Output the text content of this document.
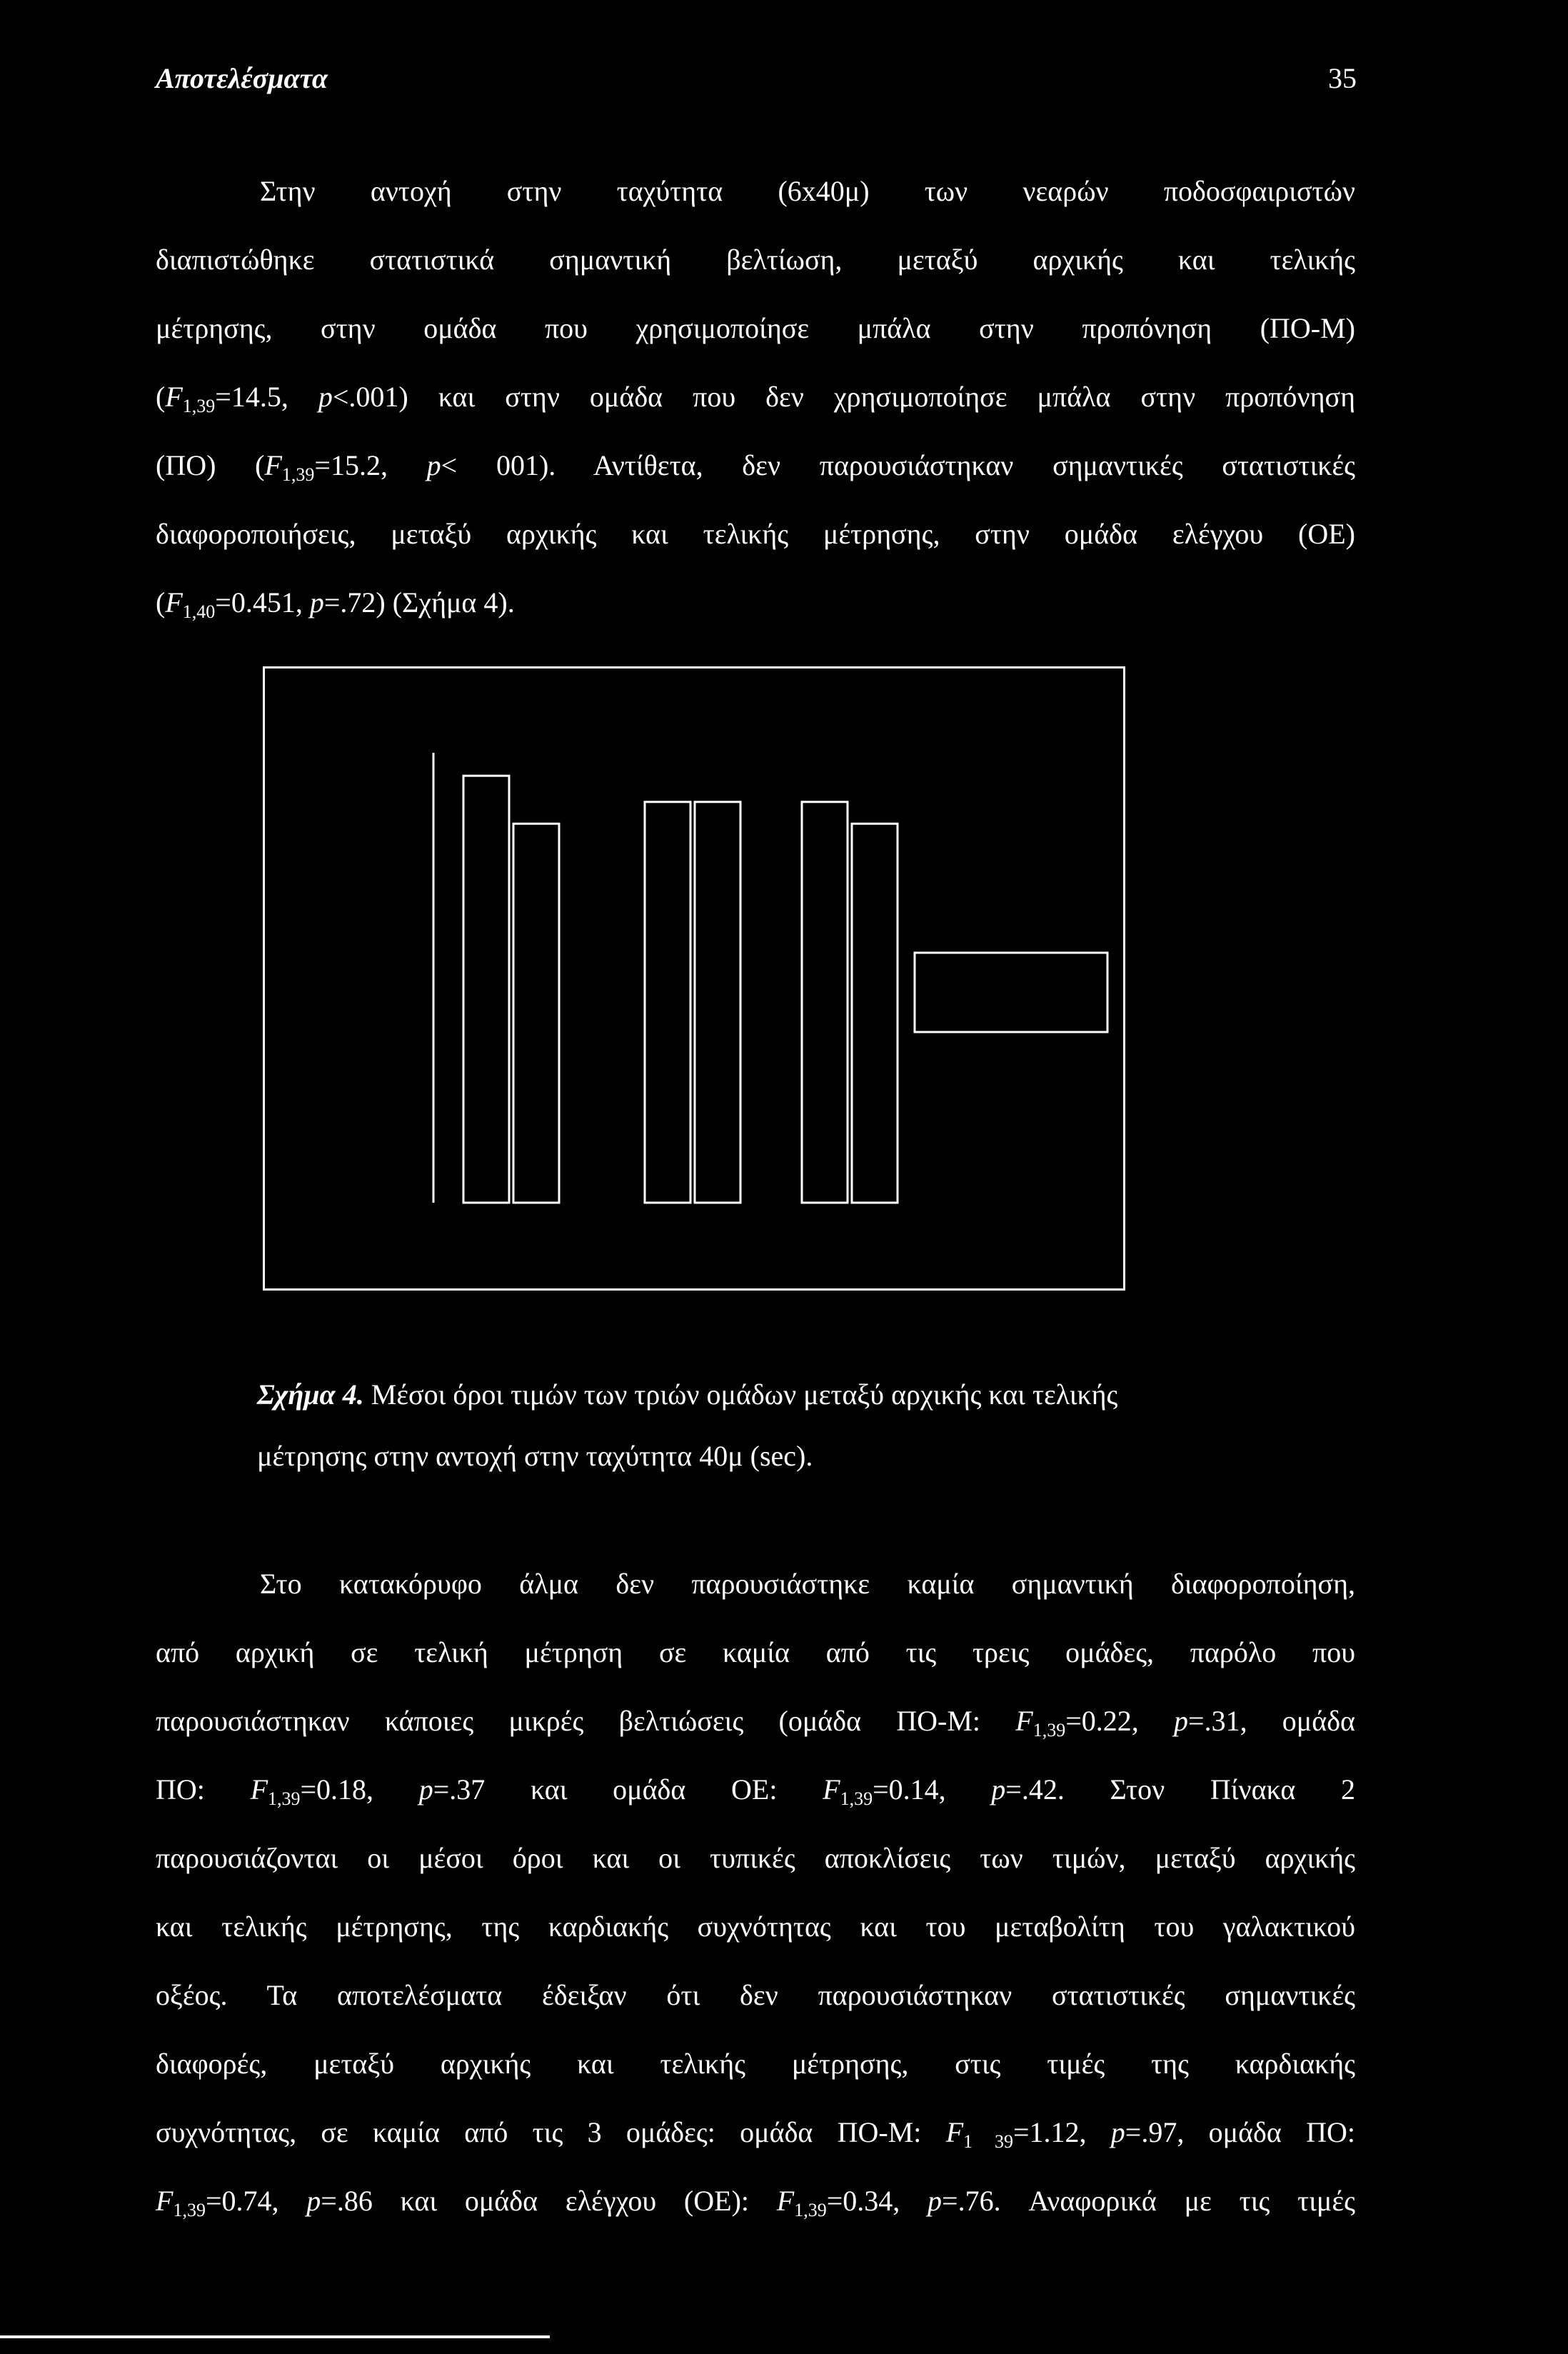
Αποτελέσματα	35
Στην αντοχή στην ταχύτητα (6x40μ) των νεαρών ποδοσφαιριστών
διαπιστώθηκε στατιστικά σημαντική βελτίωση, μεταξύ αρχικής και τελικής
μέτρησης, στην ομάδα που χρησιμοποίησε μπάλα στην προπόνηση (ΠΟ-Μ)
($F_{1,39}=14.5$, p<.001) και στην ομάδα που δεν χρησιμοποίησε μπάλα στην προπόνηση
(ΠΟ) ($F_{1,39}=15.2$, p< 001). Αντίθετα, δεν παρουσιάστηκαν σημαντικές στατιστικές
διαφοροποιήσεις, μεταξύ αρχικής και τελικής μέτρησης, στην ομάδα ελέγχου (ΟΕ)
($F_{1,40}=0.451$, p=.72) (Σχήμα 4).
Σχήμα 4. Μέσοι όροι τιμών των τριών ομάδων μεταξύ αρχικής και τελικής
μέτρησης στην αντοχή στην ταχύτητα 40μ (sec).
Στο κατακόρυφο άλμα δεν παρουσιάστηκε καμία σημαντική διαφοροποίηση,
από αρχική σε τελική μέτρηση σε καμία από τις τρεις ομάδες, παρόλο που
παρουσιάστηκαν κάποιες μικρές βελτιώσεις (ομάδα ΠΟ-Μ: $F_{1,39}=0.22$, p=.31, ομάδα
ΠΟ: $F_{1,39}=0.18$, p=.37 και ομάδα ΟΕ: $F_{1,39}=0.14$, p=.42. Στον Πίνακα 2
παρουσιάζονται οι μέσοι όροι και οι τυπικές αποκλίσεις των τιμών, μεταξύ αρχικής
και τελικής μέτρησης, της καρδιακής συχνότητας και του μεταβολίτη του γαλακτικού
οξέος. Τα αποτελέσματα έδειξαν ότι δεν παρουσιάστηκαν στατιστικές σημαντικές
διαφορές, μεταξύ αρχικής και τελικής μέτρησης, στις τιμές της καρδιακής
συχνότητας, σε καμία από τις 3 ομάδες: ομάδα ΠΟ-Μ: $F_{1 39}=1.12$, p=.97, ομάδα ΠΟ:
$F_{1,39}=0.74$, p=.86 και ομάδα ελέγχου (ΟΕ): $F_{1,39}=0.34$, p=.76. Αναφορικά με τις τιμές
